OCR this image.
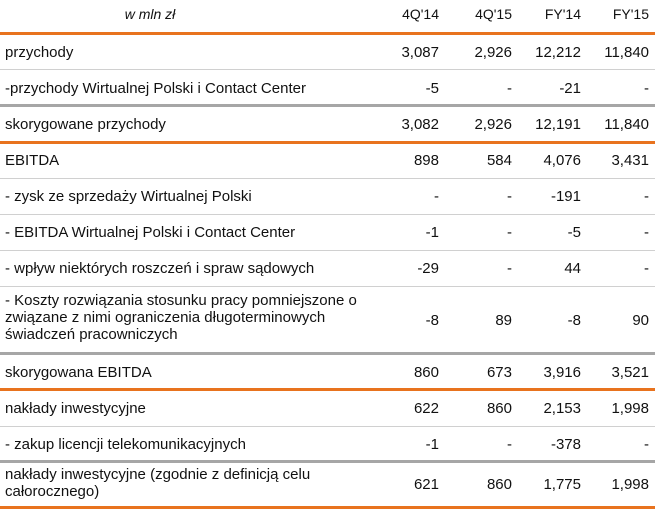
w mln zł	4Q'14	4Q'15 FY'14 FY'15
przychody	3,087 2,926 12,212 11,840
-przychody Wirtualnej Polski i Contact Center	-5	-	-21	-
skorygowane przychody	3,082 2,926 12,191 11,840
EBITDA	898	584 4,076 3,431
- zysk ze sprzedaży Wirtualnej Polski	-	-	-191	-
- EBITDA Wirtualnej Polski i Contact Center	-1	-	-5	-
- wpływ niektórych roszczeń i spraw sądowych	-29	-	44	-
- Koszty rozwiązania stosunku pracy pomniejszone o
związane z nimi ograniczenia długoterminowych
świadczeń pracowniczych
-8	89	-8	90
skorygowana EBITDA	860	673 3,916 3,521
nakłady inwestycyjne	622	860 2,153 1,998
- zakup licencji telekomunikacyjnych	-1	-	-378	-
nakłady inwestycyjne (zgodnie z definicją celu
całorocznego)	621	860 1,775 1,998
